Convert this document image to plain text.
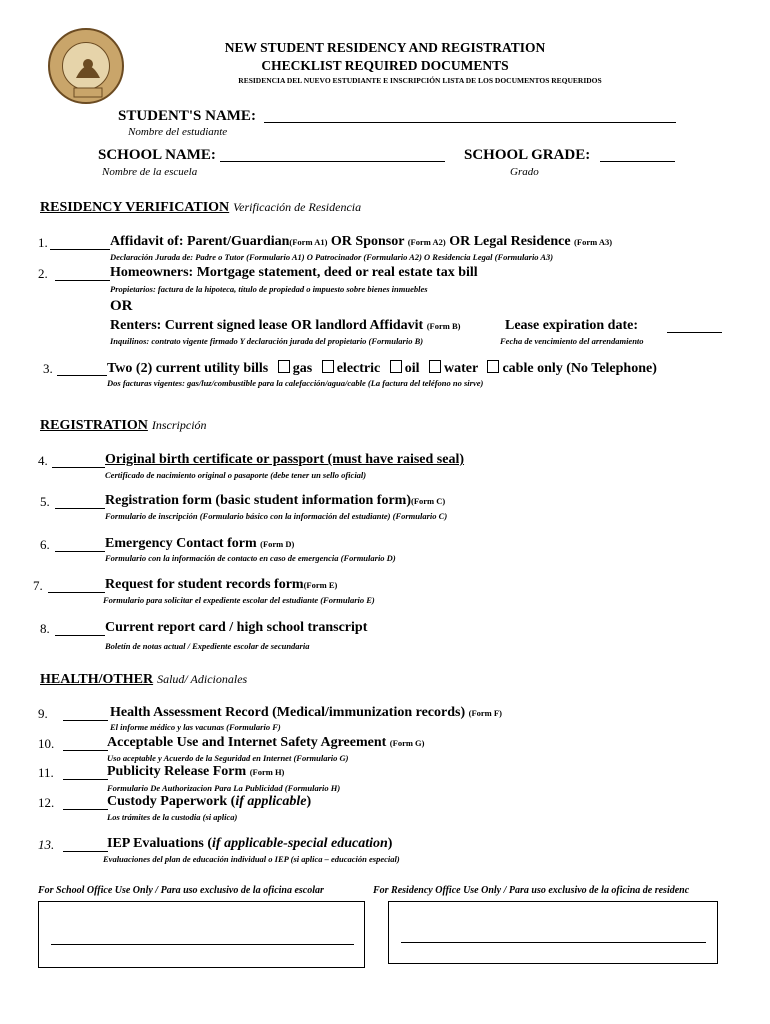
NEW STUDENT RESIDENCY AND REGISTRATION
CHECKLIST REQUIRED DOCUMENTS
RESIDENCIA DEL NUEVO ESTUDIANTE E INSCRIPCIÓN LISTA DE LOS DOCUMENTOS REQUERIDOS
STUDENT'S NAME:
Nombre del estudiante
SCHOOL NAME:
Nombre de la escuela
SCHOOL GRADE:
Grado
RESIDENCY VERIFICATION Verificación de Residencia
1.	Affidavit of: Parent/Guardian(Form A1) OR Sponsor (Form A2) OR Legal Residence (Form A3)
Declaración Jurada de: Padre o Tutor (Formulario A1) O Patrocinador (Formulario A2) O Residencia Legal (Formulario A3)
2.	Homeowners: Mortgage statement, deed or real estate tax bill
Propietarios: factura de la hipoteca, título de propiedad o impuesto sobre bienes inmuebles
OR
Renters: Current signed lease OR landlord Affidavit (Form B)	Lease expiration date:
Inquilinos: contrato vigente firmado Y declaración jurada del propietario (Formulario B)	Fecha de vencimiento del arrendamiento
3.	Two (2) current utility bills gas electric oil water cable only (No Telephone)
Dos facturas vigentes: gas/luz/combustible para la calefacción/agua/cable (La factura del teléfono no sirve)
REGISTRATION Inscripción
4.	Original birth certificate or passport (must have raised seal)
Certificado de nacimiento original o pasaporte (debe tener un sello oficial)
5.	Registration form (basic student information form)(Form C)
Formulario de inscripción (Formulario básico con la información del estudiante) (Formulario C)
6.	Emergency Contact form (Form D)
Formulario con la información de contacto en caso de emergencia (Formulario D)
7.	Request for student records form(Form E)
Formulario para solicitar el expediente escolar del estudiante (Formulario E)
8.	Current report card / high school transcript
Boletín de notas actual / Expediente escolar de secundaria
HEALTH/OTHER Salud/ Adicionales
9.	Health Assessment Record (Medical/immunization records) (Form F)
El informe médico y las vacunas (Formulario F)
10.	Acceptable Use and Internet Safety Agreement (Form G)
Uso aceptable y Acuerdo de la Seguridad en Internet (Formulario G)
11.	Publicity Release Form (Form H)
Formulario De Authorizacion Para La Publicidad (Formulario H)
12.	Custody Paperwork (if applicable)
Los trámites de la custodia (si aplica)
13.	IEP Evaluations (if applicable-special education)
Evaluaciones del plan de educación individual o IEP (si aplica – educación especial)
For School Office Use Only / Para uso exclusivo de la oficina escolar	For Residency Office Use Only / Para uso exclusivo de la oficina de residenc
